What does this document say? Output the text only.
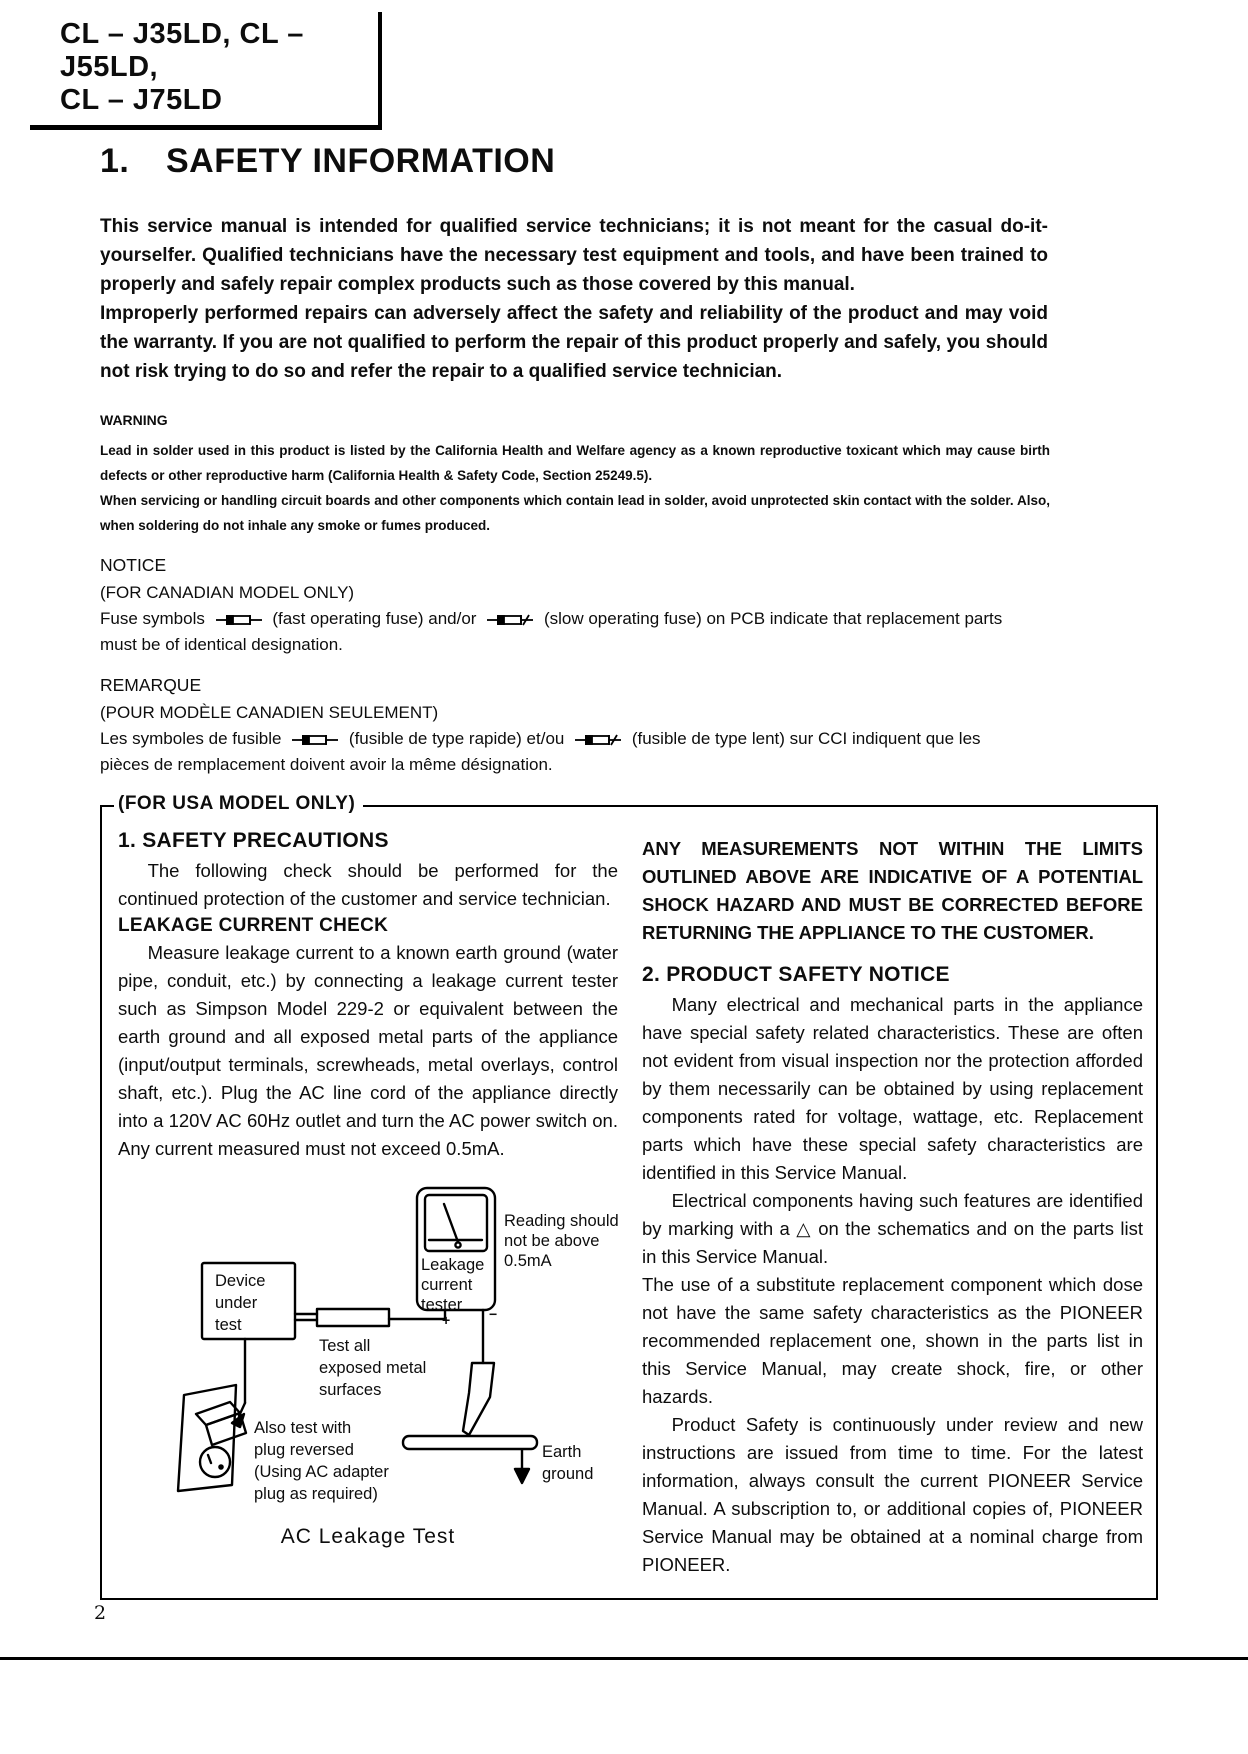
CL – J35LD, CL – J55LD,
CL – J75LD
1.	SAFETY INFORMATION

This service manual is intended for qualified service technicians; it is not meant for the casual do-it-yourselfer. Qualified technicians have the necessary test equipment and tools, and have been trained to properly and safely repair complex products such as those covered by this manual.

Improperly performed repairs can adversely affect the safety and reliability of the product and may void the warranty. If you are not qualified to perform the repair of this product properly and safely, you should not risk trying to do so and refer the repair to a qualified service technician.

WARNING

Lead in solder used in this product is listed by the California Health and Welfare agency as a known reproductive toxicant which may cause birth defects or other reproductive harm (California Health & Safety Code, Section 25249.5).

When servicing or handling circuit boards and other components which contain lead in solder, avoid unprotected skin contact with the solder. Also, when soldering do not inhale any smoke or fumes produced.

NOTICE
(FOR CANADIAN MODEL ONLY)
Fuse symbols	(fast operating fuse) and/or	(slow operating fuse) on PCB indicate that replacement parts
must be of identical designation.
REMARQUE
(POUR MODÈLE CANADIEN SEULEMENT)
Les symboles de fusible	(fusible de type rapide) et/ou	(fusible de type lent) sur CCI indiquent que les
pièces de remplacement doivent avoir la même désignation.
(FOR USA MODEL ONLY)
1. SAFETY PRECAUTIONS

The following check should be performed for the continued protection of the customer and service technician.

LEAKAGE CURRENT CHECK

Measure leakage current to a known earth ground (water pipe, conduit, etc.) by connecting a leakage current tester such as Simpson Model 229-2 or equivalent between the earth ground and all exposed metal parts of the appliance (input/output terminals, screwheads, metal overlays, control shaft, etc.). Plug the AC line cord of the appliance directly into a 120V AC 60Hz outlet and turn the AC power switch on. Any current measured must not exceed 0.5mA.

Leakage
current
tester
Reading should
not be above
0.5mA
Device
under
test
Test all
exposed metal
surfaces
Also test with
plug reversed
(Using AC adapter
plug as required)
Earth
ground
+	−
AC Leakage Test

ANY MEASUREMENTS NOT WITHIN THE LIMITS OUTLINED ABOVE ARE INDICATIVE OF A POTENTIAL SHOCK HAZARD AND MUST BE CORRECTED BEFORE RETURNING THE APPLIANCE TO THE CUSTOMER.

2. PRODUCT SAFETY NOTICE

Many electrical and mechanical parts in the appliance have special safety related characteristics. These are often not evident from visual inspection nor the protection afforded by them necessarily can be obtained by using replacement components rated for voltage, wattage, etc. Replacement parts which have these special safety characteristics are identified in this Service Manual.

Electrical components having such features are identified by marking with a △ on the schematics and on the parts list in this Service Manual.

The use of a substitute replacement component which dose not have the same safety characteristics as the PIONEER recommended replacement one, shown in the parts list in this Service Manual, may create shock, fire, or other hazards.

Product Safety is continuously under review and new instructions are issued from time to time. For the latest information, always consult the current PIONEER Service Manual. A subscription to, or additional copies of, PIONEER Service Manual may be obtained at a nominal charge from PIONEER.

2
